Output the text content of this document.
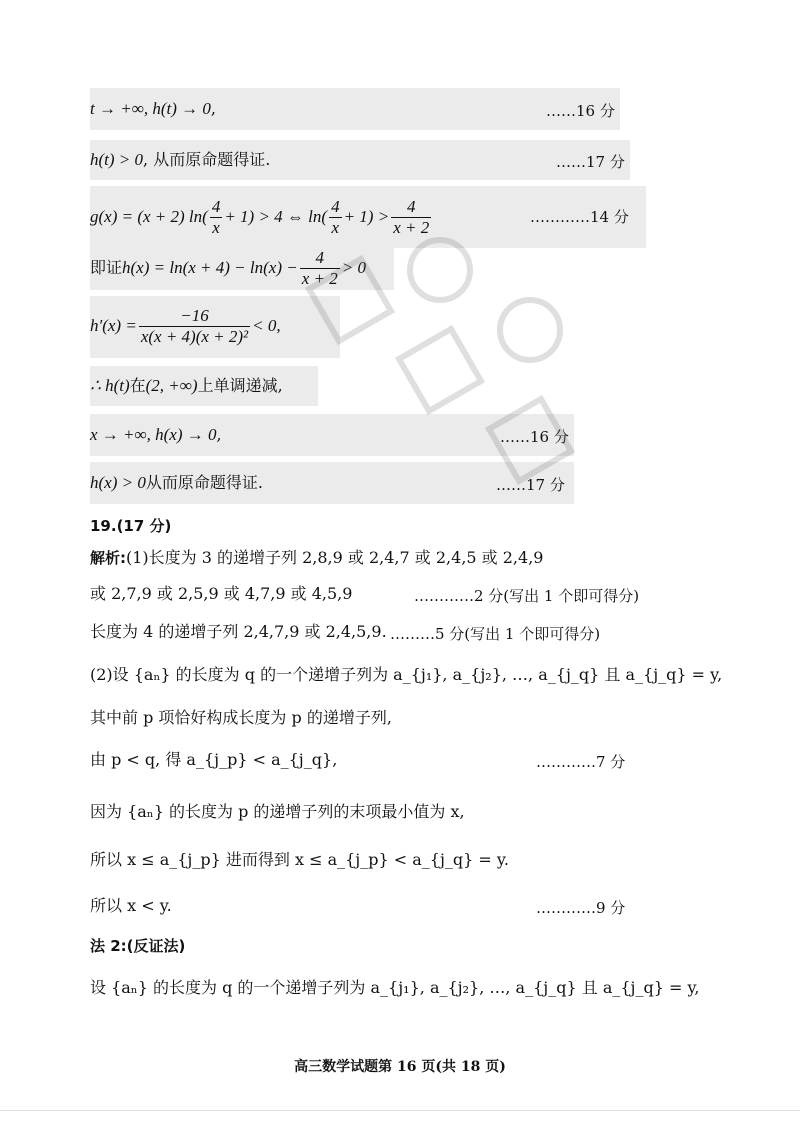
t → +∞, h(t) → 0,	……16 分
h(t) > 0, 从而原命题得证.	……17 分
g(x) = (x + 2) $\ln( \frac{4}{x} + 1) > 4$ ⇔ $\ln( \frac{4}{x} + 1) > \frac{4}{x + 2}$	…………14 分
即证$h(x) = \ln(x + 4) - \ln(x) - \frac{4}{x + 2} > 0$
$h'(x) = \frac{-16}{\text{x(x + 4)(x + 2)²}} < 0$,
∴ h(t)在(2, +∞)上单调递减,
x → +∞, h(x) → 0,	……16 分
h(x) > 0从而原命题得证.	……17 分
19.(17 分)
解析:(1)长度为 3 的递增子列 2,8,9 或 2,4,7 或 2,4,5 或 2,4,9
或 2,7,9 或 2,5,9 或 4,7,9 或 4,5,9	…………2 分(写出 1 个即可得分)
长度为 4 的递增子列 2,4,7,9 或 2,4,5,9. ………5 分(写出 1 个即可得分)
(2)设 {aₙ} 的长度为 q 的一个递增子列为 a_{j₁}, a_{j₂}, …, a_{j_q} 且 a_{j_q} = y,
其中前 p 项恰好构成长度为 p 的递增子列,
由 p < q, 得 a_{j_p} < a_{j_q},	…………7 分
因为 {aₙ} 的长度为 p 的递增子列的末项最小值为 x,
所以 x ≤ a_{j_p} 进而得到 x ≤ a_{j_p} < a_{j_q} = y.
所以 x < y.	…………9 分
法 2:(反证法)
设 {aₙ} 的长度为 q 的一个递增子列为 a_{j₁}, a_{j₂}, …, a_{j_q} 且 a_{j_q} = y,
高三数学试题第 16 页(共 18 页)
